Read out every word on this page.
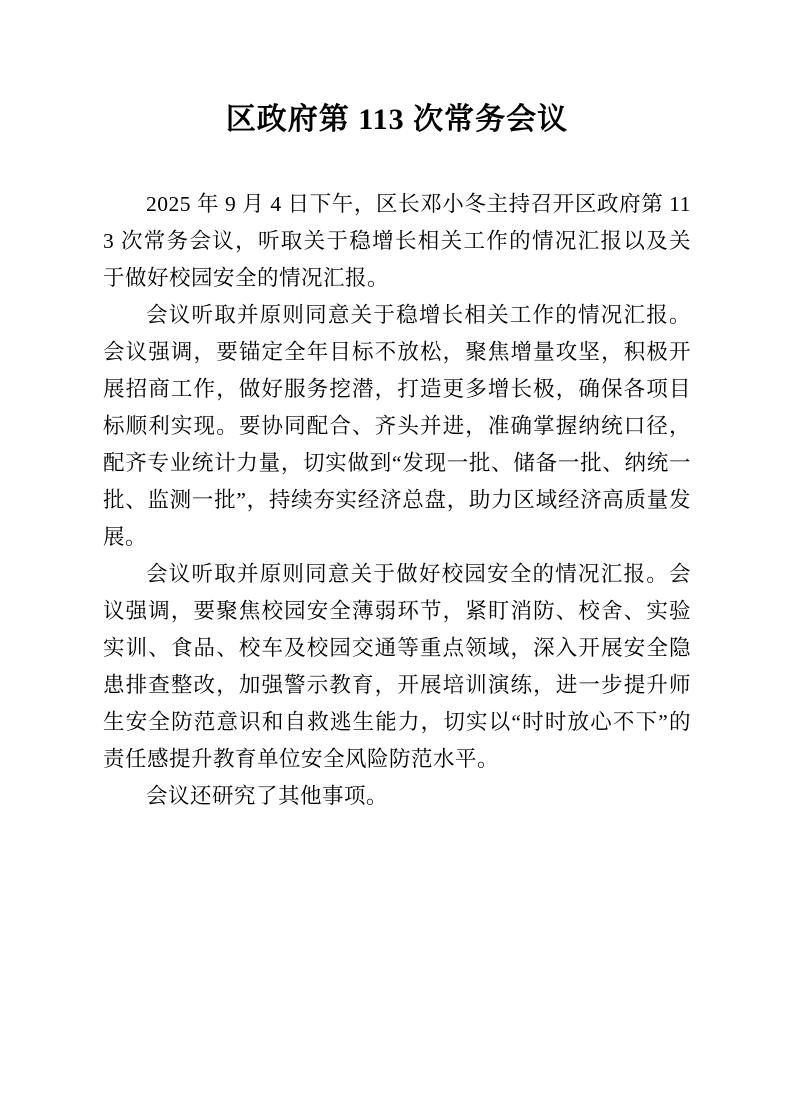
区政府第 113 次常务会议

2025 年 9 月 4 日下午，区长邓小冬主持召开区政府第 113 次常务会议，听取关于稳增长相关工作的情况汇报以及关于做好校园安全的情况汇报。

会议听取并原则同意关于稳增长相关工作的情况汇报。会议强调，要锚定全年目标不放松，聚焦增量攻坚，积极开展招商工作，做好服务挖潜，打造更多增长极，确保各项目标顺利实现。要协同配合、齐头并进，准确掌握纳统口径，配齐专业统计力量，切实做到“发现一批、储备一批、纳统一批、监测一批”，持续夯实经济总盘，助力区域经济高质量发展。

会议听取并原则同意关于做好校园安全的情况汇报。会议强调，要聚焦校园安全薄弱环节，紧盯消防、校舍、实验实训、食品、校车及校园交通等重点领域，深入开展安全隐患排查整改，加强警示教育，开展培训演练，进一步提升师生安全防范意识和自救逃生能力，切实以“时时放心不下”的责任感提升教育单位安全风险防范水平。

会议还研究了其他事项。
